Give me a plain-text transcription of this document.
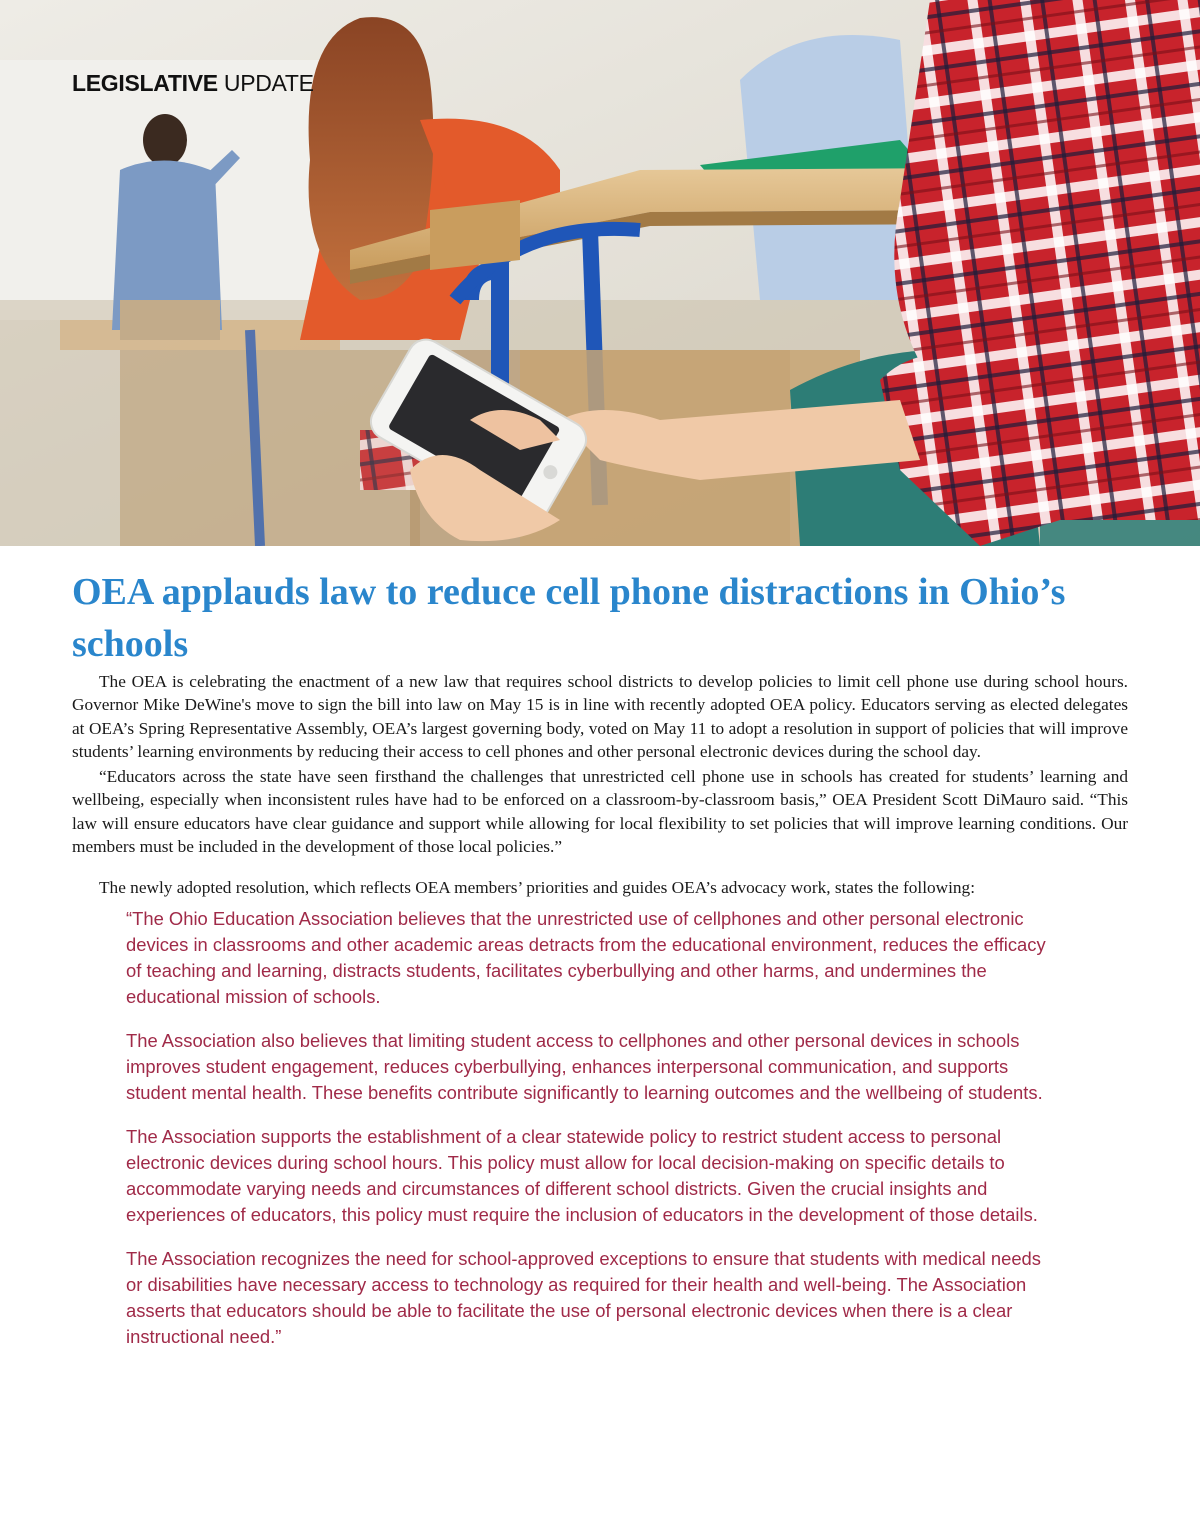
LEGISLATIVE UPDATE
OEA applauds law to reduce cell phone distractions in Ohio’s schools

The OEA is celebrating the enactment of a new law that requires school districts to develop policies to limit cell phone use during school hours. Governor Mike DeWine's move to sign the bill into law on May 15 is in line with recently adopted OEA policy. Educators serving as elected delegates at OEA’s Spring Representative Assembly, OEA’s largest governing body, voted on May 11 to adopt a resolution in support of policies that will improve students’ learning environments by reducing their access to cell phones and other personal electronic devices during the school day.

“Educators across the state have seen firsthand the challenges that unrestricted cell phone use in schools has created for students’ learning and wellbeing, especially when inconsistent rules have had to be enforced on a classroom-by-classroom basis,” OEA President Scott DiMauro said. “This law will ensure educators have clear guidance and support while allowing for local flexibility to set policies that will improve learning conditions. Our members must be included in the development of those local policies.”

The newly adopted resolution, which reflects OEA members’ priorities and guides OEA’s advocacy work, states the following:

“The Ohio Education Association believes that the unrestricted use of cellphones and other personal electronic devices in classrooms and other academic areas detracts from the educational environment, reduces the efficacy of teaching and learning, distracts students, facilitates cyberbullying and other harms, and undermines the educational mission of schools.

The Association also believes that limiting student access to cellphones and other personal devices in schools improves student engagement, reduces cyberbullying, enhances interpersonal communication, and supports student mental health. These benefits contribute significantly to learning outcomes and the wellbeing of students.

The Association supports the establishment of a clear statewide policy to restrict student access to personal electronic devices during school hours. This policy must allow for local decision-making on specific details to accommodate varying needs and circumstances of different school districts. Given the crucial insights and experiences of educators, this policy must require the inclusion of educators in the development of those details.

The Association recognizes the need for school-approved exceptions to ensure that students with medical needs or disabilities have necessary access to technology as required for their health and well-being. The Association asserts that educators should be able to facilitate the use of personal electronic devices when there is a clear instructional need.”
